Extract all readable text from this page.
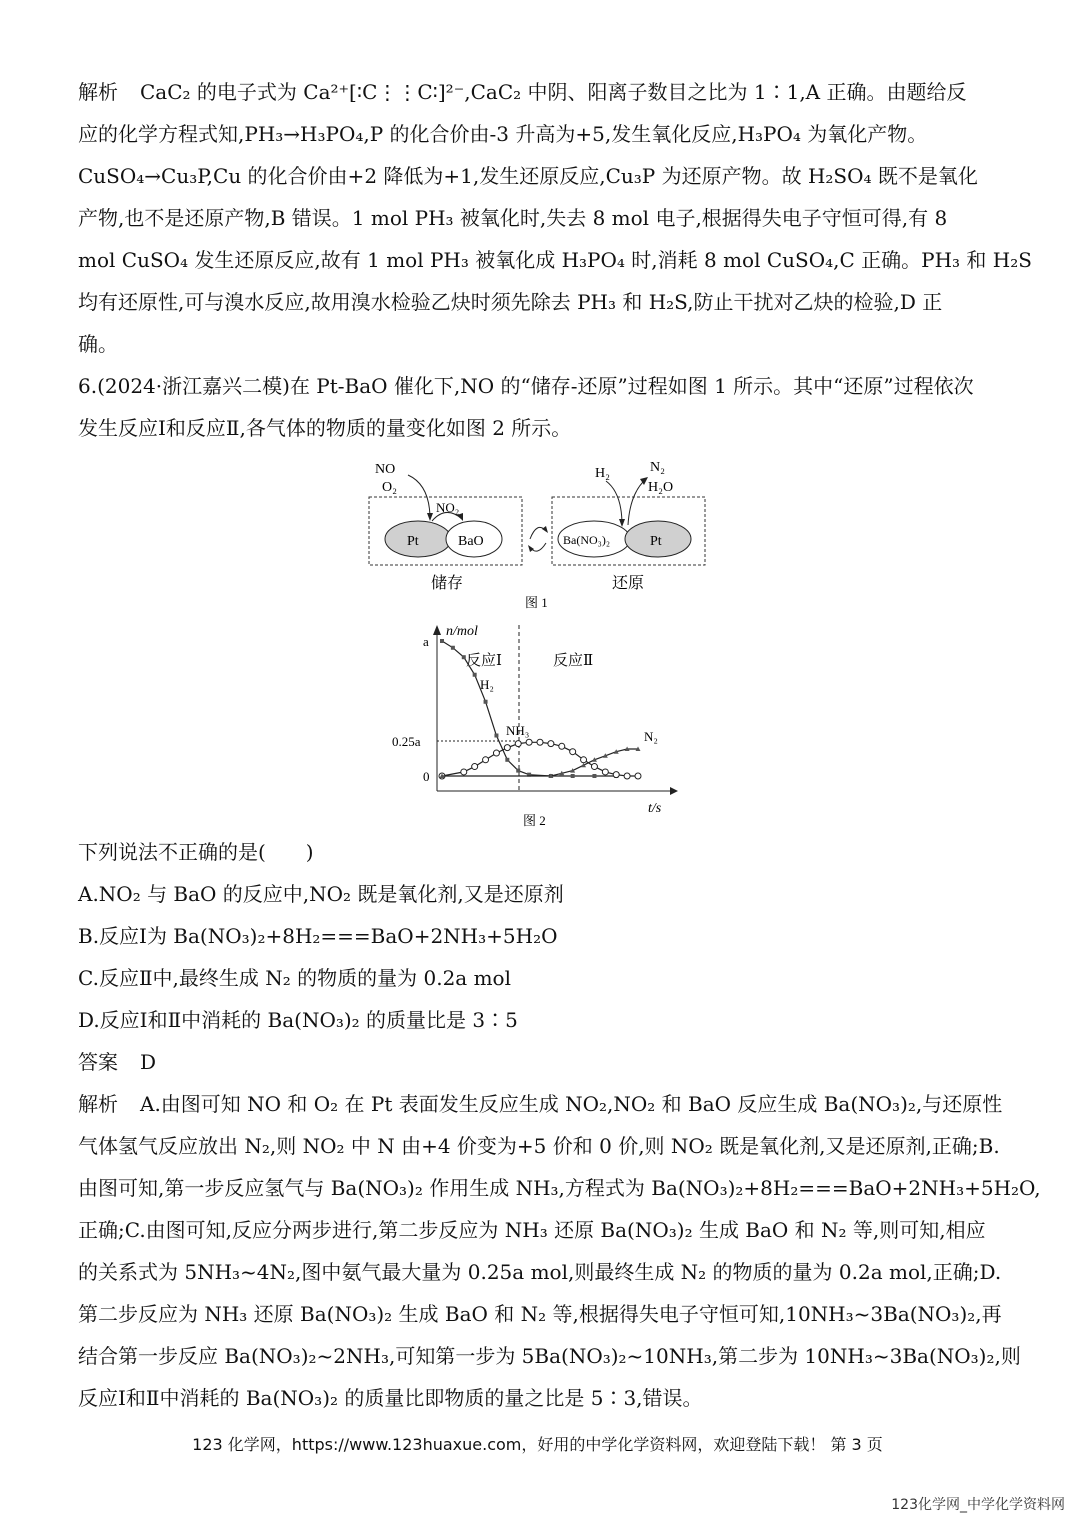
解析 CaC₂ 的电子式为 Ca²⁺[∶C⋮⋮C∶]²⁻,CaC₂ 中阴、阳离子数目之比为 1∶1,A 正确。由题给反
应的化学方程式知,PH₃→H₃PO₄,P 的化合价由-3 升高为+5,发生氧化反应,H₃PO₄ 为氧化产物。
CuSO₄→Cu₃P,Cu 的化合价由+2 降低为+1,发生还原反应,Cu₃P 为还原产物。故 H₂SO₄ 既不是氧化
产物,也不是还原产物,B 错误。1 mol PH₃ 被氧化时,失去 8 mol 电子,根据得失电子守恒可得,有 8
mol CuSO₄ 发生还原反应,故有 1 mol PH₃ 被氧化成 H₃PO₄ 时,消耗 8 mol CuSO₄,C 正确。PH₃ 和 H₂S
均有还原性,可与溴水反应,故用溴水检验乙炔时须先除去 PH₃ 和 H₂S,防止干扰对乙炔的检验,D 正
确。
6.(2024·浙江嘉兴二模)在 Pt-BaO 催化下,NO 的“储存-还原”过程如图 1 所示。其中“还原”过程依次
发生反应Ⅰ和反应Ⅱ,各气体的物质的量变化如图 2 所示。
Pt	BaO	Ba(NO₃)₂	Pt
NO
O₂
NO₂
H₂	N₂
H₂O
储存	还原
图 1
n/mol
t/s
a
0.25a
0
反应Ⅰ	反应Ⅱ
H₂
NH₃	N₂
图 2
下列说法不正确的是(　　)
A.NO₂ 与 BaO 的反应中,NO₂ 既是氧化剂,又是还原剂
B.反应Ⅰ为 Ba(NO₃)₂+8H₂===BaO+2NH₃+5H₂O
C.反应Ⅱ中,最终生成 N₂ 的物质的量为 0.2a mol
D.反应Ⅰ和Ⅱ中消耗的 Ba(NO₃)₂ 的质量比是 3∶5
答案 D
解析 A.由图可知 NO 和 O₂ 在 Pt 表面发生反应生成 NO₂,NO₂ 和 BaO 反应生成 Ba(NO₃)₂,与还原性
气体氢气反应放出 N₂,则 NO₂ 中 N 由+4 价变为+5 价和 0 价,则 NO₂ 既是氧化剂,又是还原剂,正确;B.
由图可知,第一步反应氢气与 Ba(NO₃)₂ 作用生成 NH₃,方程式为 Ba(NO₃)₂+8H₂===BaO+2NH₃+5H₂O,
正确;C.由图可知,反应分两步进行,第二步反应为 NH₃ 还原 Ba(NO₃)₂ 生成 BaO 和 N₂ 等,则可知,相应
的关系式为 5NH₃~4N₂,图中氨气最大量为 0.25a mol,则最终生成 N₂ 的物质的量为 0.2a mol,正确;D.
第二步反应为 NH₃ 还原 Ba(NO₃)₂ 生成 BaO 和 N₂ 等,根据得失电子守恒可知,10NH₃~3Ba(NO₃)₂,再
结合第一步反应 Ba(NO₃)₂~2NH₃,可知第一步为 5Ba(NO₃)₂~10NH₃,第二步为 10NH₃~3Ba(NO₃)₂,则
反应Ⅰ和Ⅱ中消耗的 Ba(NO₃)₂ 的质量比即物质的量之比是 5∶3,错误。
123 化学网，https://www.123huaxue.com，好用的中学化学资料网，欢迎登陆下载！ 第 3 页
123化学网_中学化学资料网
